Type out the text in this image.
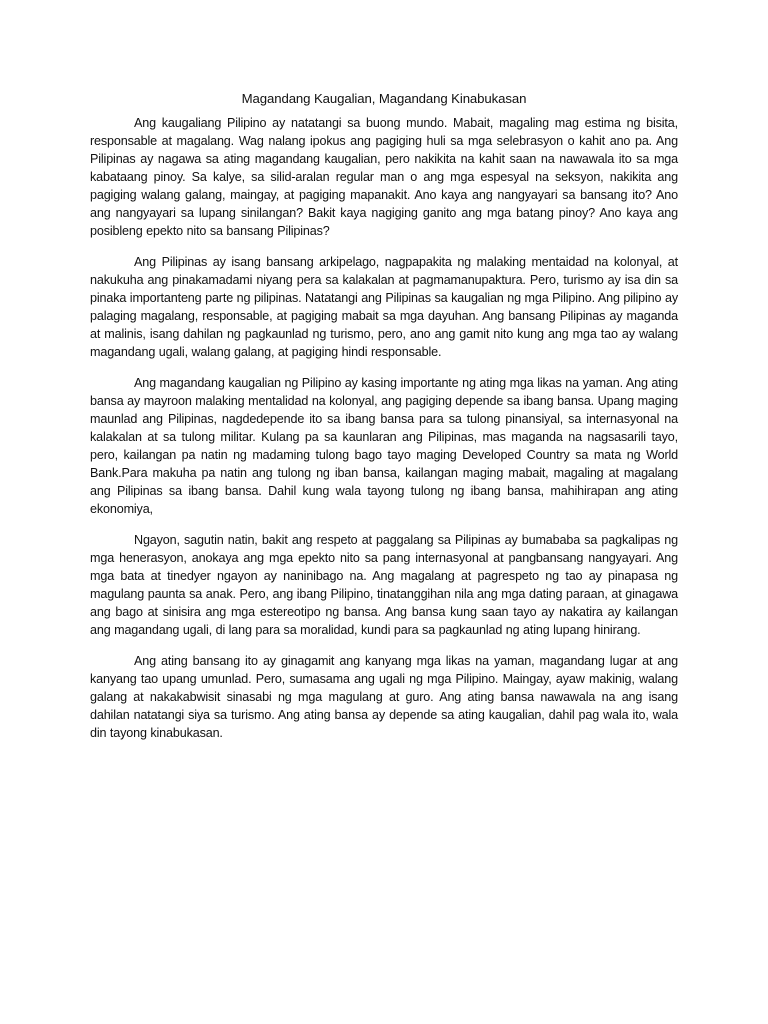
Magandang Kaugalian, Magandang Kinabukasan

Ang kaugaliang Pilipino ay natatangi sa buong mundo. Mabait, magaling mag estima ng bisita, responsable at magalang. Wag nalang ipokus ang pagiging huli sa mga selebrasyon o kahit ano pa. Ang Pilipinas ay nagawa sa ating magandang kaugalian, pero nakikita na kahit saan na nawawala ito sa mga kabataang pinoy. Sa kalye, sa silid-aralan regular man o ang mga espesyal na seksyon, nakikita ang pagiging walang galang, maingay, at pagiging mapanakit. Ano kaya ang nangyayari sa bansang ito? Ano ang nangyayari sa lupang sinilangan? Bakit kaya nagiging ganito ang mga batang pinoy? Ano kaya ang posibleng epekto nito sa bansang Pilipinas?

Ang Pilipinas ay isang bansang arkipelago, nagpapakita ng malaking mentaidad na kolonyal, at nakukuha ang pinakamadami niyang pera sa kalakalan at pagmamanupaktura. Pero, turismo ay isa din sa pinaka importanteng parte ng pilipinas. Natatangi ang Pilipinas sa kaugalian ng mga Pilipino. Ang pilipino ay palaging magalang, responsable, at pagiging mabait sa mga dayuhan. Ang bansang Pilipinas ay maganda at malinis, isang dahilan ng pagkaunlad ng turismo, pero, ano ang gamit nito kung ang mga tao ay walang magandang ugali, walang galang, at pagiging hindi responsable.

Ang magandang kaugalian ng Pilipino ay kasing importante ng ating mga likas na yaman. Ang ating bansa ay mayroon malaking mentalidad na kolonyal, ang pagiging depende sa ibang bansa. Upang maging maunlad ang Pilipinas, nagdedepende ito sa ibang bansa para sa tulong pinansiyal, sa internasyonal na kalakalan at sa tulong militar. Kulang pa sa kaunlaran ang Pilipinas, mas maganda na nagsasarili tayo, pero, kailangan pa natin ng madaming tulong bago tayo maging Developed Country sa mata ng World Bank.Para makuha pa natin ang tulong ng iban bansa, kailangan maging mabait, magaling at magalang ang Pilipinas sa ibang bansa. Dahil kung wala tayong tulong ng ibang bansa, mahihirapan ang ating ekonomiya,

Ngayon, sagutin natin, bakit ang respeto at paggalang sa Pilipinas ay bumababa sa pagkalipas ng mga henerasyon, anokaya ang mga epekto nito sa pang internasyonal at pangbansang nangyayari. Ang mga bata at tinedyer ngayon ay naninibago na. Ang magalang at pagrespeto ng tao ay pinapasa ng magulang paunta sa anak. Pero, ang ibang Pilipino, tinatanggihan nila ang mga dating paraan, at ginagawa ang bago at sinisira ang mga estereotipo ng bansa. Ang bansa kung saan tayo ay nakatira ay kailangan ang magandang ugali, di lang para sa moralidad, kundi para sa pagkaunlad ng ating lupang hinirang.

Ang ating bansang ito ay ginagamit ang kanyang mga likas na yaman, magandang lugar at ang kanyang tao upang umunlad. Pero, sumasama ang ugali ng mga Pilipino. Maingay, ayaw makinig, walang galang at nakakabwisit sinasabi ng mga magulang at guro. Ang ating bansa nawawala na ang isang dahilan natatangi siya sa turismo. Ang ating bansa ay depende sa ating kaugalian, dahil pag wala ito, wala din tayong kinabukasan.
